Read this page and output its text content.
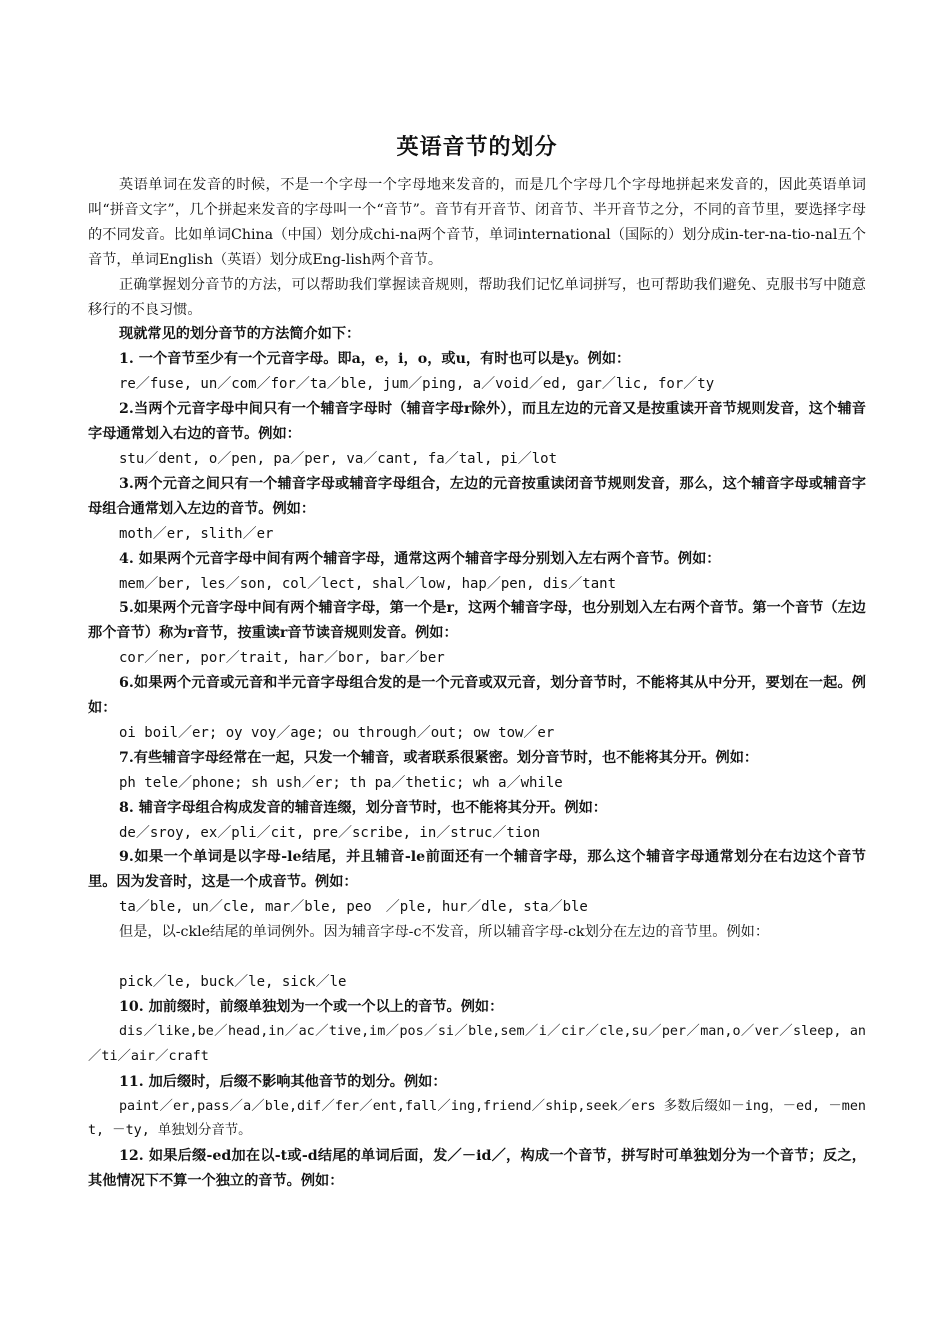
英语音节的划分

英语单词在发音的时候，不是一个字母一个字母地来发音的，而是几个字母几个字母地拼起来发音的，因此英语单词叫“拼音文字”，几个拼起来发音的字母叫一个“音节”。音节有开音节、闭音节、半开音节之分，不同的音节里，要选择字母的不同发音。比如单词China（中国）划分成chi-na两个音节，单词international（国际的）划分成in-ter-na-tio-nal五个音节，单词English（英语）划分成Eng-lish两个音节。

正确掌握划分音节的方法，可以帮助我们掌握读音规则，帮助我们记忆单词拼写，也可帮助我们避免、克服书写中随意移行的不良习惯。

现就常见的划分音节的方法简介如下：

1. 一个音节至少有一个元音字母。即a，e，i，o，或u，有时也可以是y。例如：

re／fuse, un／com／for／ta／ble, jum／ping, a／void／ed, gar／lic, for／ty

2.当两个元音字母中间只有一个辅音字母时（辅音字母r除外），而且左边的元音又是按重读开音节规则发音，这个辅音字母通常划入右边的音节。例如：

stu／dent, o／pen, pa／per, va／cant, fa／tal, pi／lot

3.两个元音之间只有一个辅音字母或辅音字母组合，左边的元音按重读闭音节规则发音，那么，这个辅音字母或辅音字母组合通常划入左边的音节。例如：

moth／er, slith／er

4. 如果两个元音字母中间有两个辅音字母，通常这两个辅音字母分别划入左右两个音节。例如：

mem／ber, les／son, col／lect, shal／low, hap／pen, dis／tant

5.如果两个元音字母中间有两个辅音字母，第一个是r，这两个辅音字母，也分别划入左右两个音节。第一个音节（左边那个音节）称为r音节，按重读r音节读音规则发音。例如：

cor／ner, por／trait, har／bor, bar／ber

6.如果两个元音或元音和半元音字母组合发的是一个元音或双元音，划分音节时，不能将其从中分开，要划在一起。例如：

oi boil／er; oy voy／age; ou through／out; ow tow／er

7.有些辅音字母经常在一起，只发一个辅音，或者联系很紧密。划分音节时，也不能将其分开。例如：

ph tele／phone; sh ush／er; th pa／thetic; wh a／while

8. 辅音字母组合构成发音的辅音连缀，划分音节时，也不能将其分开。例如：

de／sroy, ex／pli／cit, pre／scribe, in／struc／tion

9.如果一个单词是以字母-le结尾，并且辅音-le前面还有一个辅音字母，那么这个辅音字母通常划分在右边这个音节里。因为发音时，这是一个成音节。例如：

ta／ble, un／cle, mar／ble, peo　／ple, hur／dle, sta／ble

但是，以-ckle结尾的单词例外。因为辅音字母-c不发音，所以辅音字母-ck划分在左边的音节里。例如：

pick／le, buck／le, sick／le

10. 加前缀时，前缀单独划为一个或一个以上的音节。例如：

dis／like,be／head,in／ac／tive,im／pos／si／ble,sem／i／cir／cle,su／per／man,o／ver／sleep, an／ti／air／craft

11. 加后缀时，后缀不影响其他音节的划分。例如：

paint／er,pass／a／ble,dif／fer／ent,fall／ing,friend／ship,seek／ers 多数后缀如－ing，－ed, －ment, －ty, 单独划分音节。

12. 如果后缀-ed加在以-t或-d结尾的单词后面，发／－id／，构成一个音节，拼写时可单独划分为一个音节；反之，其他情况下不算一个独立的音节。例如：
